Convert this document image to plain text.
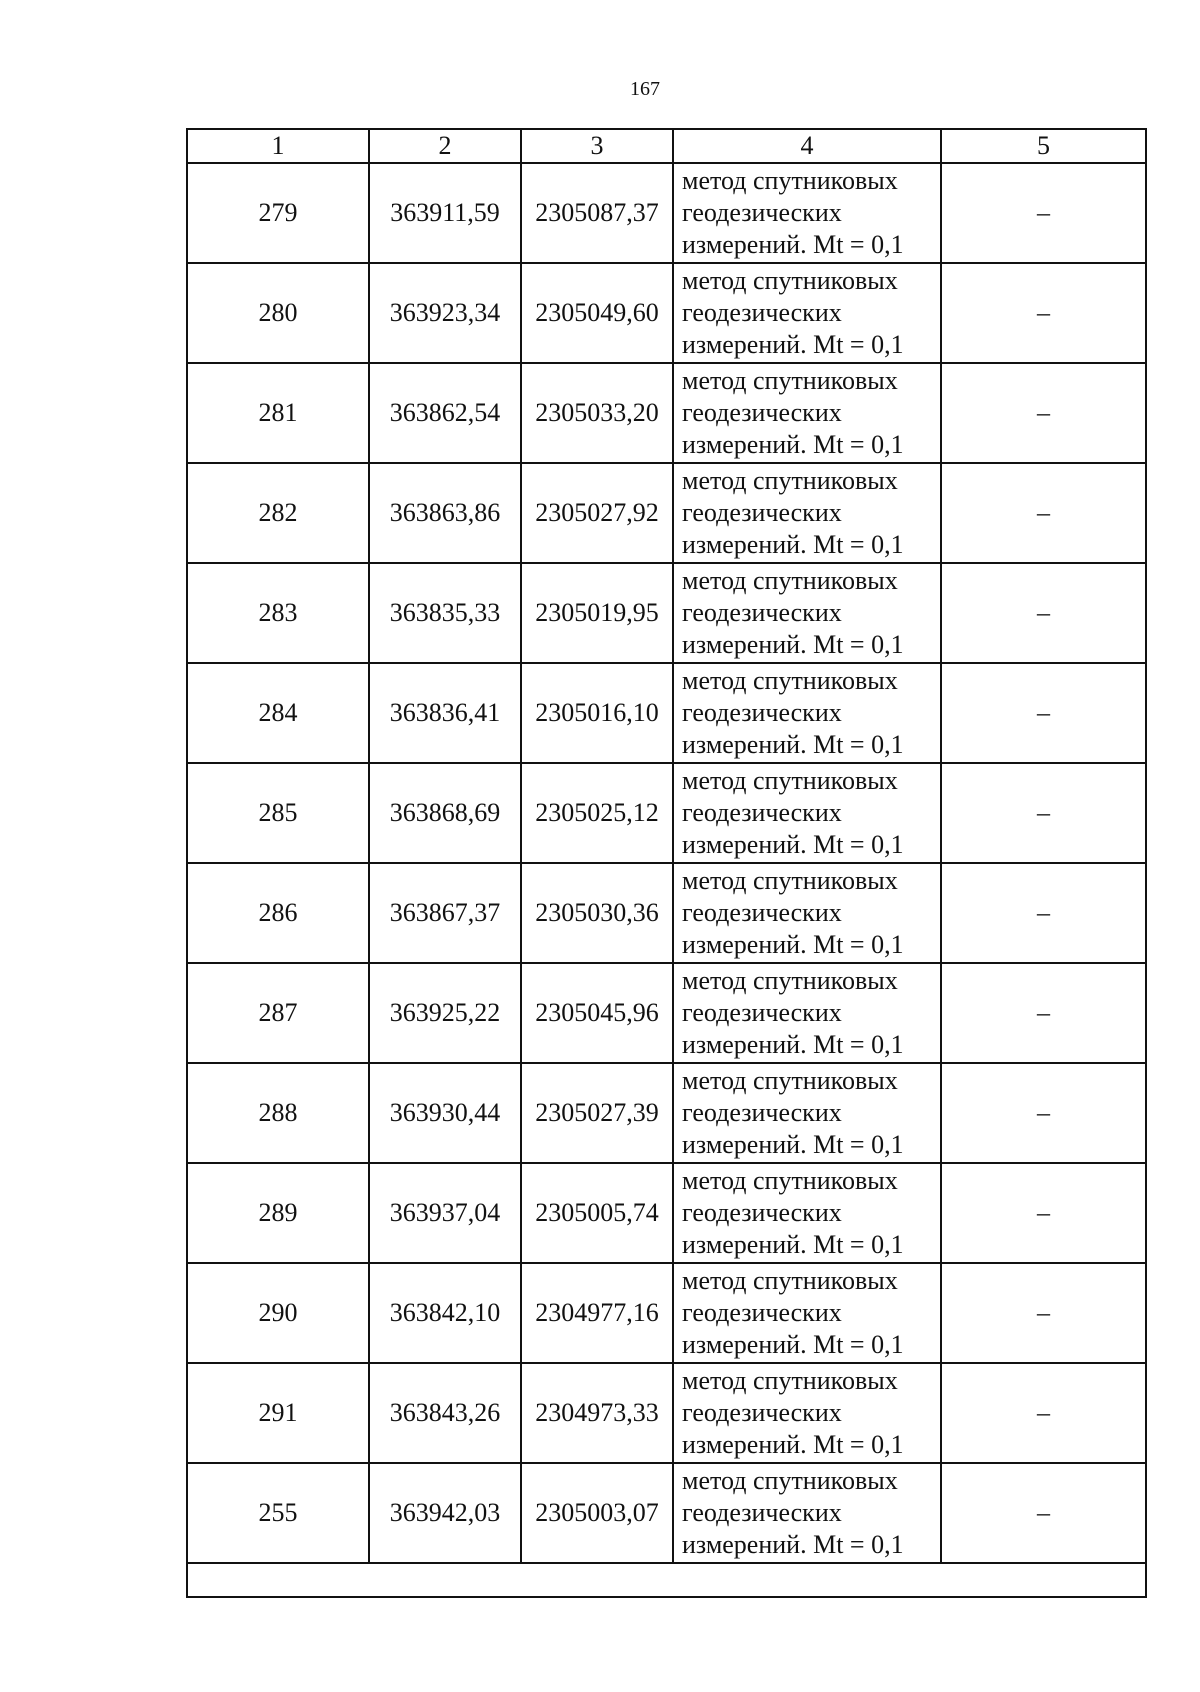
167
1	2	3	4	5
279	363911,59	2305087,37	метод спутниковых
геодезических
измерений. Mt = 0,1	–
280	363923,34	2305049,60	метод спутниковых
геодезических
измерений. Mt = 0,1	–
281	363862,54	2305033,20	метод спутниковых
геодезических
измерений. Mt = 0,1	–
282	363863,86	2305027,92	метод спутниковых
геодезических
измерений. Mt = 0,1	–
283	363835,33	2305019,95	метод спутниковых
геодезических
измерений. Mt = 0,1	–
284	363836,41	2305016,10	метод спутниковых
геодезических
измерений. Mt = 0,1	–
285	363868,69	2305025,12	метод спутниковых
геодезических
измерений. Mt = 0,1	–
286	363867,37	2305030,36	метод спутниковых
геодезических
измерений. Mt = 0,1	–
287	363925,22	2305045,96	метод спутниковых
геодезических
измерений. Mt = 0,1	–
288	363930,44	2305027,39	метод спутниковых
геодезических
измерений. Mt = 0,1	–
289	363937,04	2305005,74	метод спутниковых
геодезических
измерений. Mt = 0,1	–
290	363842,10	2304977,16	метод спутниковых
геодезических
измерений. Mt = 0,1	–
291	363843,26	2304973,33	метод спутниковых
геодезических
измерений. Mt = 0,1	–
255	363942,03	2305003,07	метод спутниковых
геодезических
измерений. Mt = 0,1	–
